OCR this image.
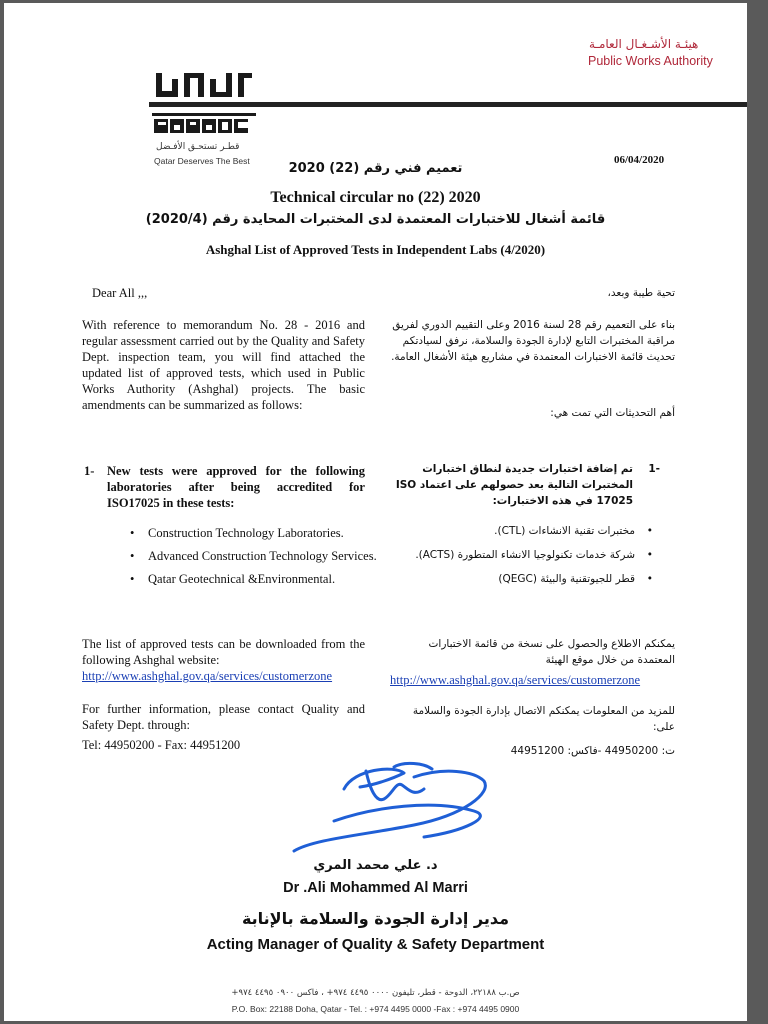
هيئـة الأشـغـال العامـة
Public Works Authority
قطـر تستحـق الأفـضل
Qatar Deserves The Best	06/04/2020
تعميم فني رقم (22) 2020
Technical circular no (22) 2020
قائمة أشغال للاختبارات المعتمدة لدى المختبرات المحايدة رقم (2020/4)
Ashghal List of Approved Tests in Independent Labs (4/2020)
Dear All ,,,
With reference to memorandum No. 28 - 2016 and regular assessment carried out by the Quality and Safety Dept. inspection team, you will find attached the updated list of approved tests, which used in Public Works Authority (Ashghal) projects. The basic amendments can be summarized as follows:
1- New tests were approved for the following laboratories after being accredited for ISO17025 in these tests:
• Construction Technology Laboratories.
• Advanced Construction Technology Services.
• Qatar Geotechnical &Environmental.
The list of approved tests can be downloaded from the following Ashghal website:
http://www.ashghal.gov.qa/services/customerzone
For further information, please contact Quality and Safety Dept. through:
Tel: 44950200 - Fax: 44951200
تحية طيبة وبعد،
بناء على التعميم رقم 28 لسنة 2016 وعلى التقييم الدوري لفريق مراقبة المختبرات التابع لإدارة الجودة والسلامة، نرفق لسيادتكم تحديث قائمة الاختبارات المعتمدة في مشاريع هيئة الأشغال العامة.
أهم التحديثات التي تمت هي:
-1
تم إضافة اختبارات جديدة لنطاق اختبارات المختبرات التالية بعد حصولهم على اعتماد ISO 17025 في هذه الاختبارات:
• مختبرات تقنية الانشاءات (CTL).
• شركة خدمات تكنولوجيا الانشاء المتطورة (ACTS).
• قطر للجيوتقنية والبيئة (QEGC)
يمكنكم الاطلاع والحصول على نسخة من قائمة الاختبارات المعتمدة من خلال موقع الهيئة
http://www.ashghal.gov.qa/services/customerzone
للمزيد من المعلومات يمكنكم الاتصال بإدارة الجودة والسلامة على:
ت: 44950200 -فاكس: 44951200
د. علي محمد المري
Dr .Ali Mohammed Al Marri
مدير إدارة الجودة والسلامة بالإنابة
Acting Manager of Quality & Safety Department
ص.ب ٢٢١٨٨، الدوحة - قطر، تليفون ٠٠٠٠ ٤٤٩٥ ٩٧٤+ ، فاكس ٠٩٠٠ ٤٤٩٥ ٩٧٤+
P.O. Box: 22188 Doha, Qatar - Tel. : +974 4495 0000 -Fax : +974 4495 0900
